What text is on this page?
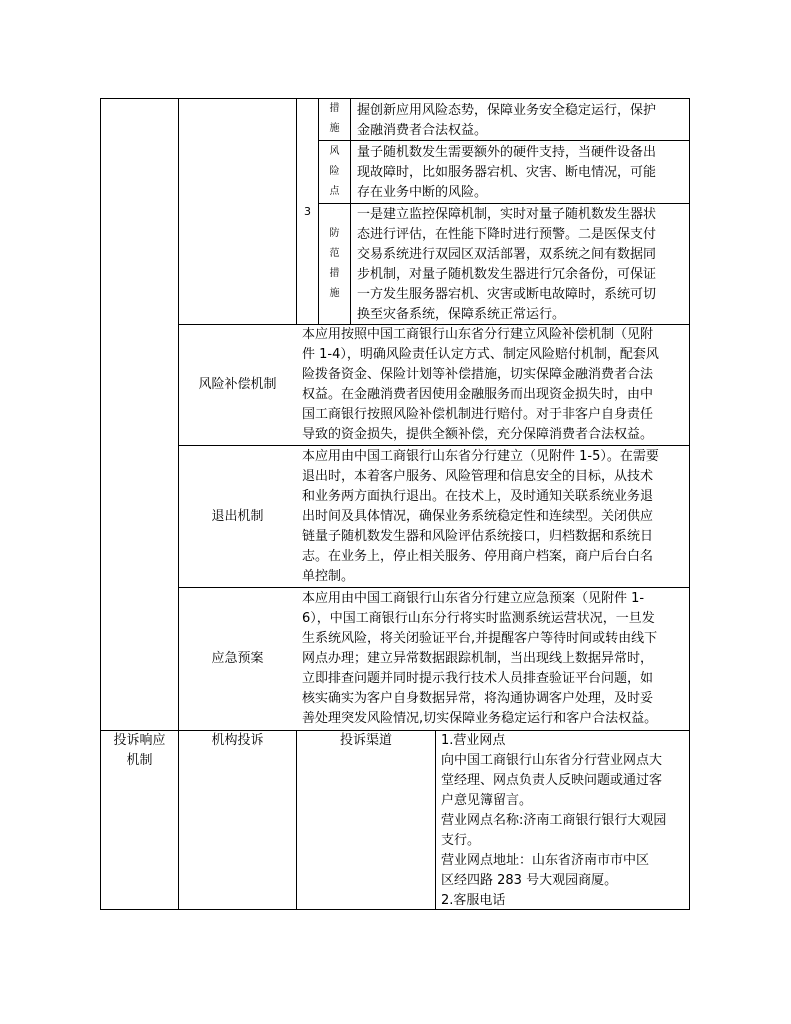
3
措
施
握创新应用风险态势，保障业务安全稳定运行，保护
金融消费者合法权益。
风
险
点
量子随机数发生需要额外的硬件支持，当硬件设备出
现故障时，比如服务器宕机、灾害、断电情况，可能
存在业务中断的风险。
防
范
措
施
一是建立监控保障机制，实时对量子随机数发生器状
态进行评估，在性能下降时进行预警。二是医保支付
交易系统进行双园区双活部署，双系统之间有数据同
步机制，对量子随机数发生器进行冗余备份，可保证
一方发生服务器宕机、灾害或断电故障时，系统可切
换至灾备系统，保障系统正常运行。
风险补偿机制
本应用按照中国工商银行山东省分行建立风险补偿机制（见附
件 1-4），明确风险责任认定方式、制定风险赔付机制，配套风
险拨备资金、保险计划等补偿措施，切实保障金融消费者合法
权益。在金融消费者因使用金融服务而出现资金损失时，由中
国工商银行按照风险补偿机制进行赔付。对于非客户自身责任
导致的资金损失，提供全额补偿，充分保障消费者合法权益。
退出机制
本应用由中国工商银行山东省分行建立（见附件 1-5）。在需要
退出时，本着客户服务、风险管理和信息安全的目标，从技术
和业务两方面执行退出。在技术上，及时通知关联系统业务退
出时间及具体情况，确保业务系统稳定性和连续型。关闭供应
链量子随机数发生器和风险评估系统接口，归档数据和系统日
志。在业务上，停止相关服务、停用商户档案，商户后台白名
单控制。
应急预案
本应用由中国工商银行山东省分行建立应急预案（见附件 1-
6），中国工商银行山东分行将实时监测系统运营状况，一旦发
生系统风险，将关闭验证平台,并提醒客户等待时间或转由线下
网点办理；建立异常数据跟踪机制，当出现线上数据异常时，
立即排查问题并同时提示我行技术人员排查验证平台问题，如
核实确实为客户自身数据异常，将沟通协调客户处理，及时妥
善处理突发风险情况,切实保障业务稳定运行和客户合法权益。
投诉响应
机制
机构投诉	投诉渠道	1.营业网点
向中国工商银行山东省分行营业网点大
堂经理、网点负责人反映问题或通过客
户意见簿留言。
营业网点名称:济南工商银行银行大观园
支行。
营业网点地址：山东省济南市市中区
区经四路 283 号大观园商厦。
2.客服电话
